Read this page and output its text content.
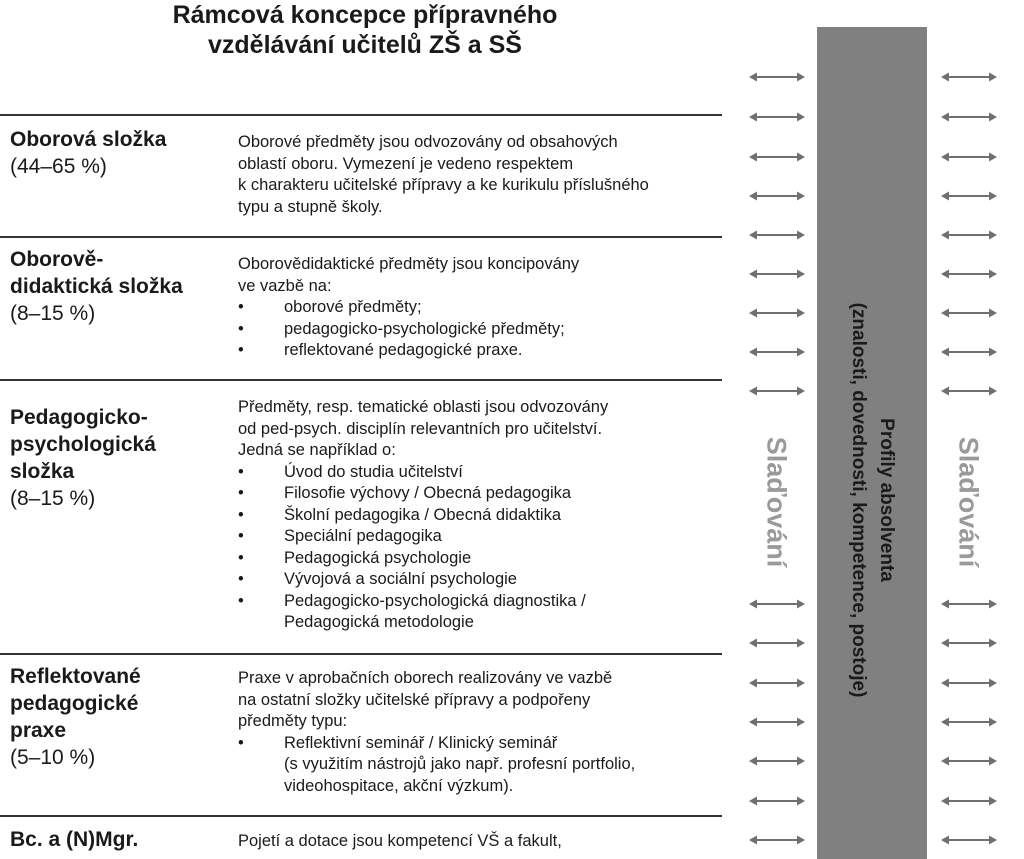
Rámcová koncepce přípravného
vzdělávání učitelů ZŠ a SŠ
Oborová složka
(44–65 %)
Oborové předměty jsou odvozovány od obsahových
oblastí oboru. Vymezení je vedeno respektem
k charakteru učitelské přípravy a ke kurikulu příslušného
typu a stupně školy.
Oborově-
didaktická složka
(8–15 %)
Oborovědidaktické předměty jsou koncipovány
ve vazbě na:
• oborové předměty;
• pedagogicko-psychologické předměty;
• reflektované pedagogické praxe.
Pedagogicko-
psychologická
složka
(8–15 %)
Předměty, resp. tematické oblasti jsou odvozovány
od ped-psych. disciplín relevantních pro učitelství.
Jedná se například o:
• Úvod do studia učitelství
• Filosofie výchovy / Obecná pedagogika
• Školní pedagogika / Obecná didaktika
• Speciální pedagogika
• Pedagogická psychologie
• Vývojová a sociální psychologie
• Pedagogicko-psychologická diagnostika /
Pedagogická metodologie
Reflektované
pedagogické
praxe
(5–10 %)
Praxe v aprobačních oborech realizovány ve vazbě
na ostatní složky učitelské přípravy a podpořeny
předměty typu:
• Reflektivní seminář / Klinický seminář
(s využitím nástrojů jako např. profesní portfolio,
videohospitace, akční výzkum).
Bc. a (N)Mgr.	Pojetí a dotace jsou kompetencí VŠ a fakult,
Slaďování	Slaďování
Profily absolventa
(znalosti, dovednosti, kompetence, postoje)
